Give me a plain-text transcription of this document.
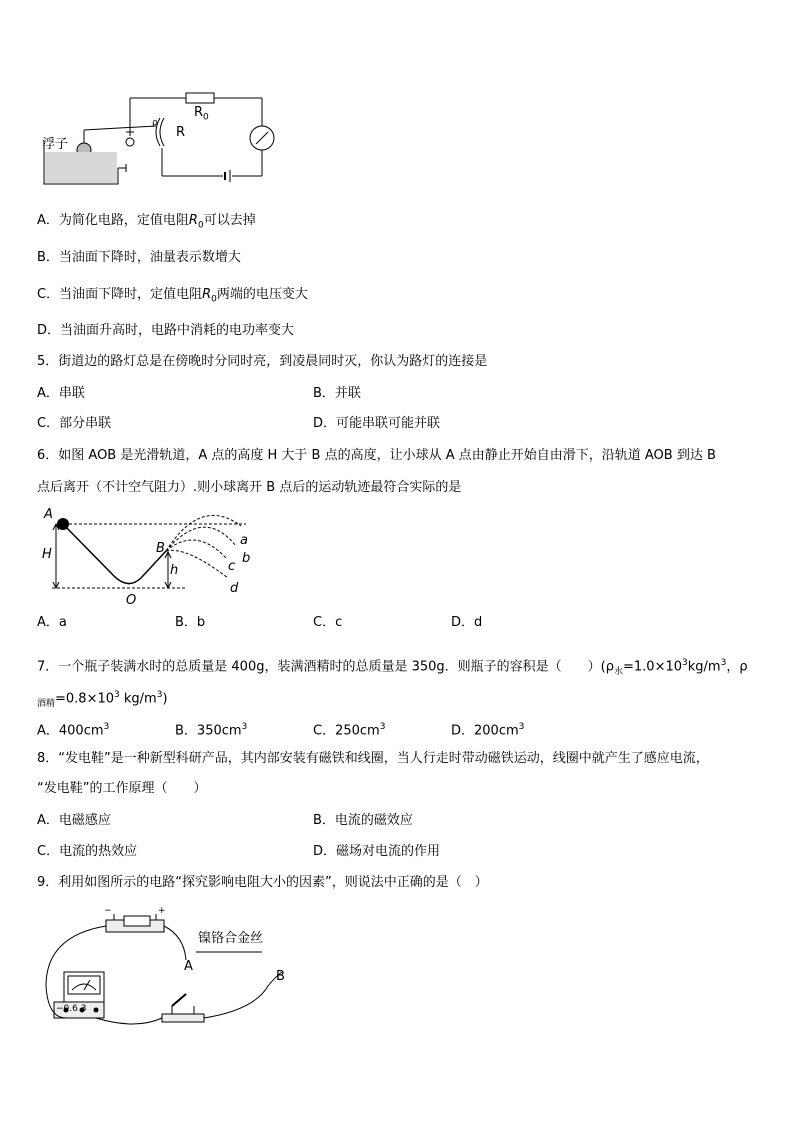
浮子
$R_0$
R
ρ
A．为简化电路，定值电阻$R_0$可以去掉
B．当油面下降时，油量表示数增大
C．当油面下降时，定值电阻$R_0$两端的电压变大
D．当油面升高时，电路中消耗的电功率变大
5．街道边的路灯总是在傍晚时分同时亮，到凌晨同时灭，你认为路灯的连接是
A．串联	B．并联
C．部分串联	D．可能串联可能并联
6．如图 AOB 是光滑轨道，A 点的高度 H 大于 B 点的高度，让小球从 A 点由静止开始自由滑下，沿轨道 AOB 到达 B
点后离开（不计空气阻力）.则小球离开 B 点后的运动轨迹最符合实际的是
A
H	B
h
O
a
b
c
d
A．a	B．b	C．c	D．d
7．一个瓶子装满水时的总质量是 400g，装满酒精时的总质量是 350g．则瓶子的容积是（　　）($\rho_水=1.0\times 10^3kg/m^3$，ρ
$_{酒精}=0.8\times 10^3$ $kg/m^3$)
A．$400cm^3$	B．$350cm^3$	C．$250cm^3$	D．$200cm^3$
8．“发电鞋”是一种新型科研产品，其内部安装有磁铁和线圈，当人行走时带动磁铁运动，线圈中就产生了感应电流，
“发电鞋”的工作原理（　　）
A．电磁感应	B．电流的磁效应
C．电流的热效应	D．磁场对电流的作用
9．利用如图所示的电路“探究影响电阻大小的因素”，则说法中正确的是（　）
−	+
镍铬合金丝
A
B
−0.6 3
